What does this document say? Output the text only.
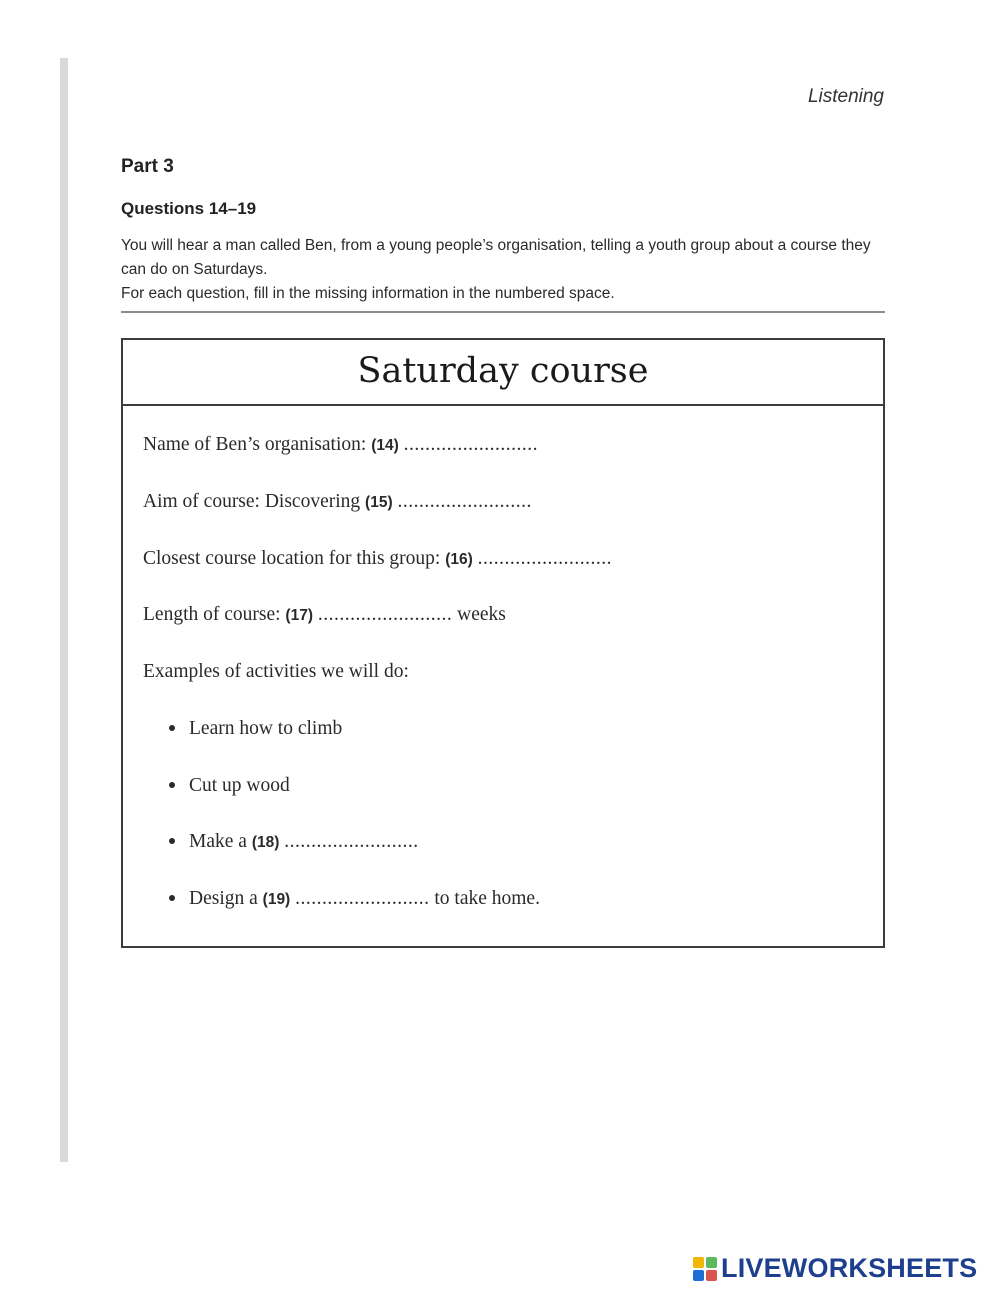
Listening
Part 3
Questions 14–19

You will hear a man called Ben, from a young people’s organisation, telling a youth group about a course they can do on Saturdays.

For each question, fill in the missing information in the numbered space.

Saturday course
Name of Ben’s organisation: (14) .........................
Aim of course: Discovering (15) .........................
Closest course location for this group: (16) .........................
Length of course: (17) ......................... weeks
Examples of activities we will do:
Learn how to climb
Cut up wood
Make a (18) .........................
Design a (19) ......................... to take home.
LIVEWORKSHEETS
